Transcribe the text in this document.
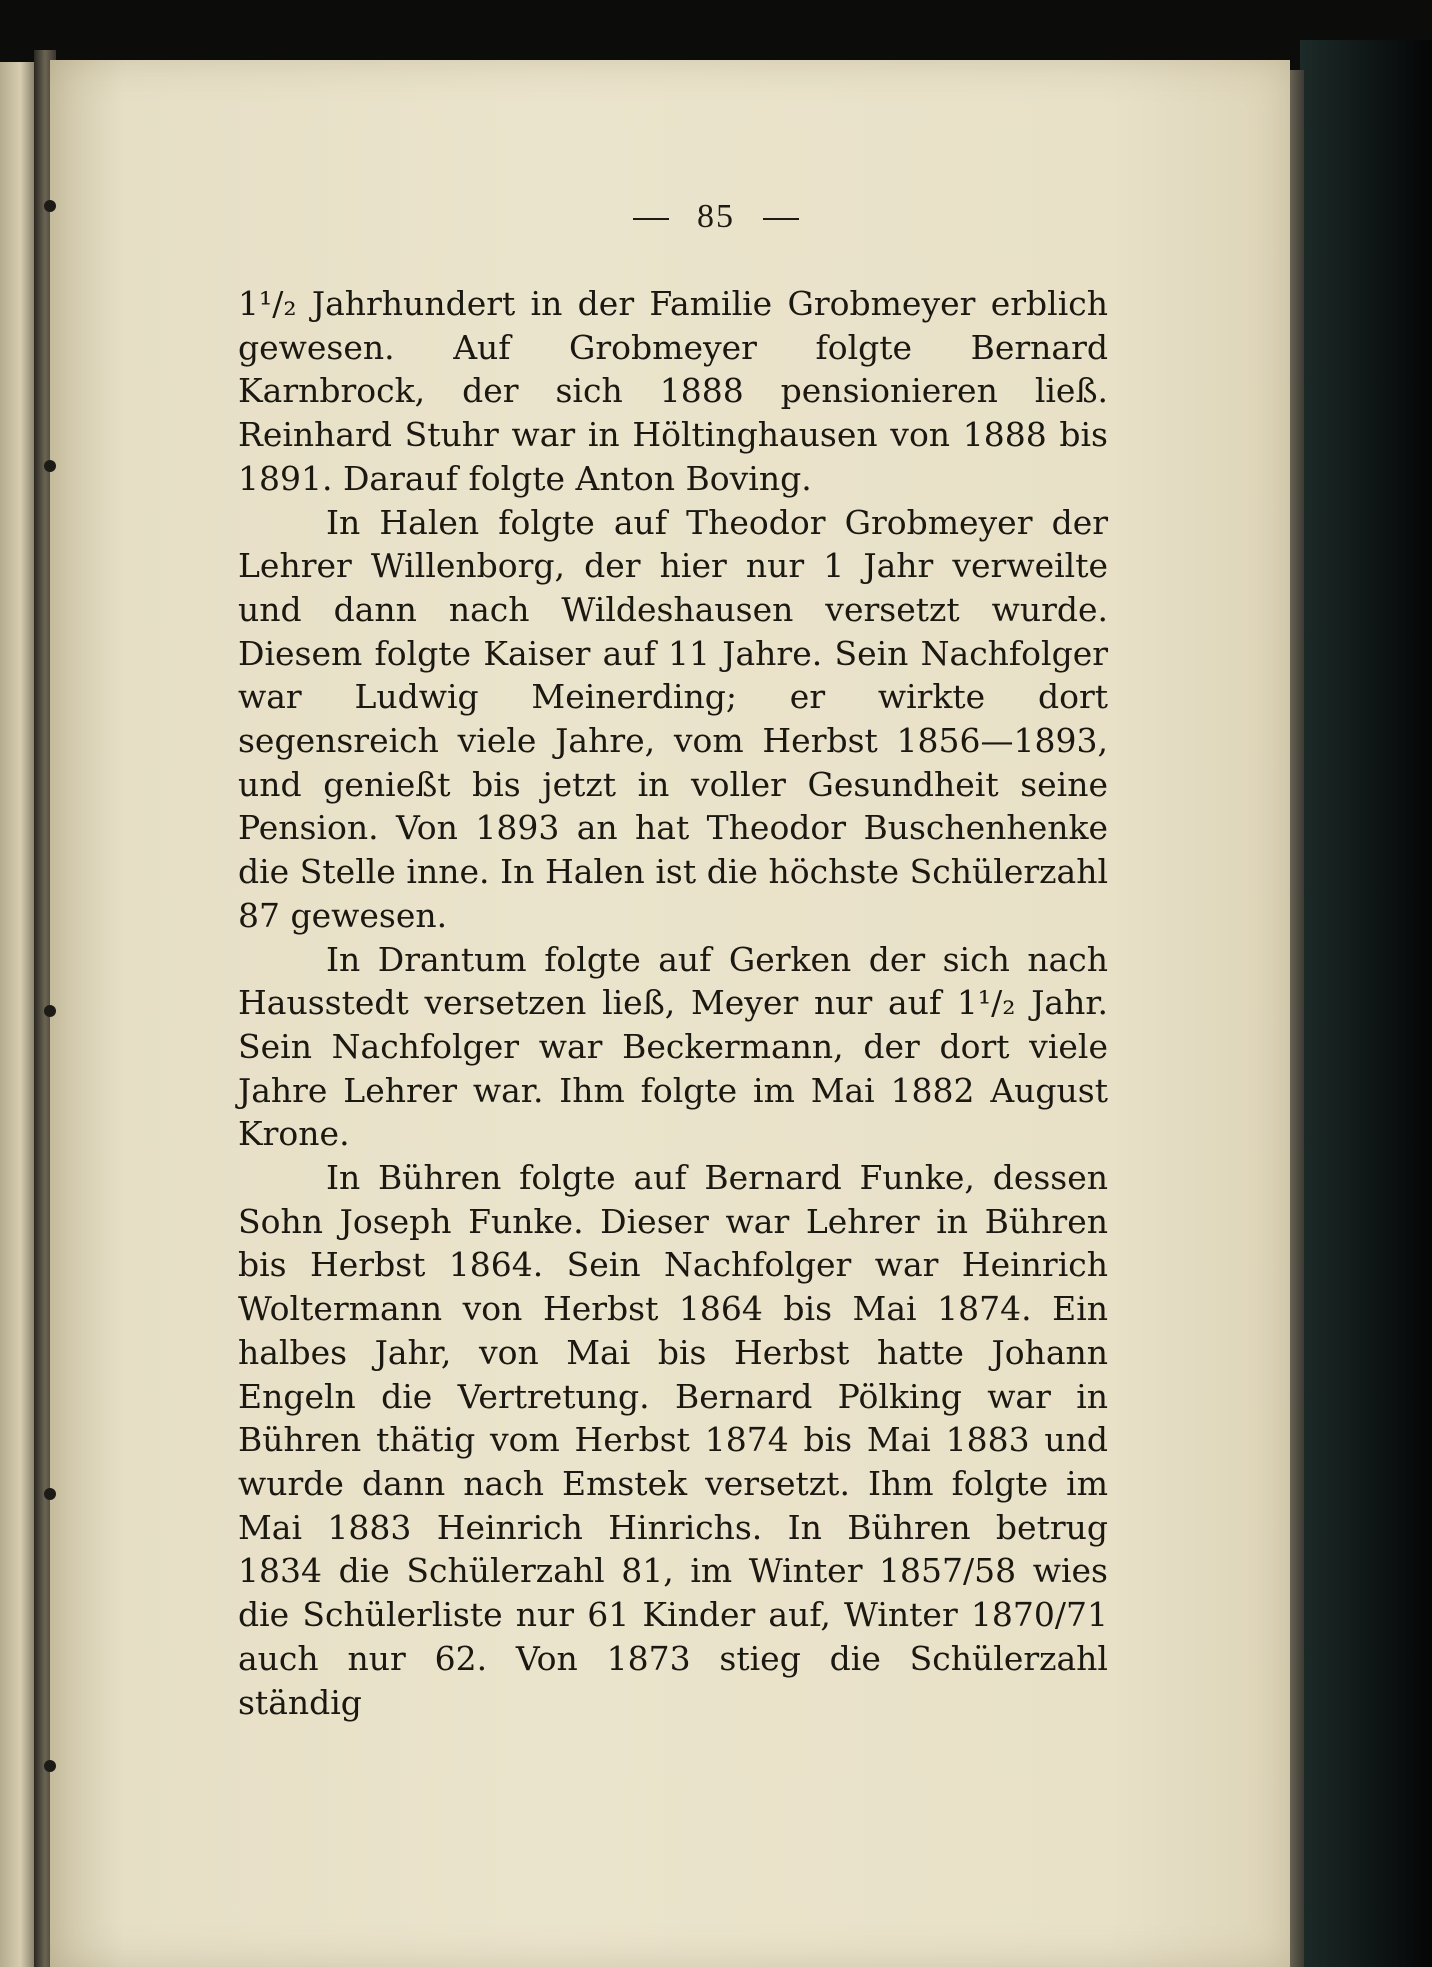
85

1¹/₂ Jahrhundert in der Familie Grobmeyer erblich gewesen. Auf Grobmeyer folgte Bernard Karnbrock, der sich 1888 pensionieren ließ. Reinhard Stuhr war in Höltinghausen von 1888 bis 1891. Darauf folgte Anton Boving.

In Halen folgte auf Theodor Grobmeyer der Lehrer Willenborg, der hier nur 1 Jahr verweilte und dann nach Wildeshausen versetzt wurde. Diesem folgte Kaiser auf 11 Jahre. Sein Nachfolger war Ludwig Meinerding; er wirkte dort segensreich viele Jahre, vom Herbst 1856—1893, und genießt bis jetzt in voller Gesundheit seine Pension. Von 1893 an hat Theodor Buschenhenke die Stelle inne. In Halen ist die höchste Schülerzahl 87 gewesen.

In Drantum folgte auf Gerken der sich nach Hausstedt versetzen ließ, Meyer nur auf 1¹/₂ Jahr. Sein Nachfolger war Beckermann, der dort viele Jahre Lehrer war. Ihm folgte im Mai 1882 August Krone.

In Bühren folgte auf Bernard Funke, dessen Sohn Joseph Funke. Dieser war Lehrer in Bühren bis Herbst 1864. Sein Nachfolger war Heinrich Woltermann von Herbst 1864 bis Mai 1874. Ein halbes Jahr, von Mai bis Herbst hatte Johann Engeln die Vertretung. Bernard Pölking war in Bühren thätig vom Herbst 1874 bis Mai 1883 und wurde dann nach Emstek versetzt. Ihm folgte im Mai 1883 Heinrich Hinrichs. In Bühren betrug 1834 die Schülerzahl 81, im Winter 1857/58 wies die Schülerliste nur 61 Kinder auf, Winter 1870/71 auch nur 62. Von 1873 stieg die Schülerzahl ständig
